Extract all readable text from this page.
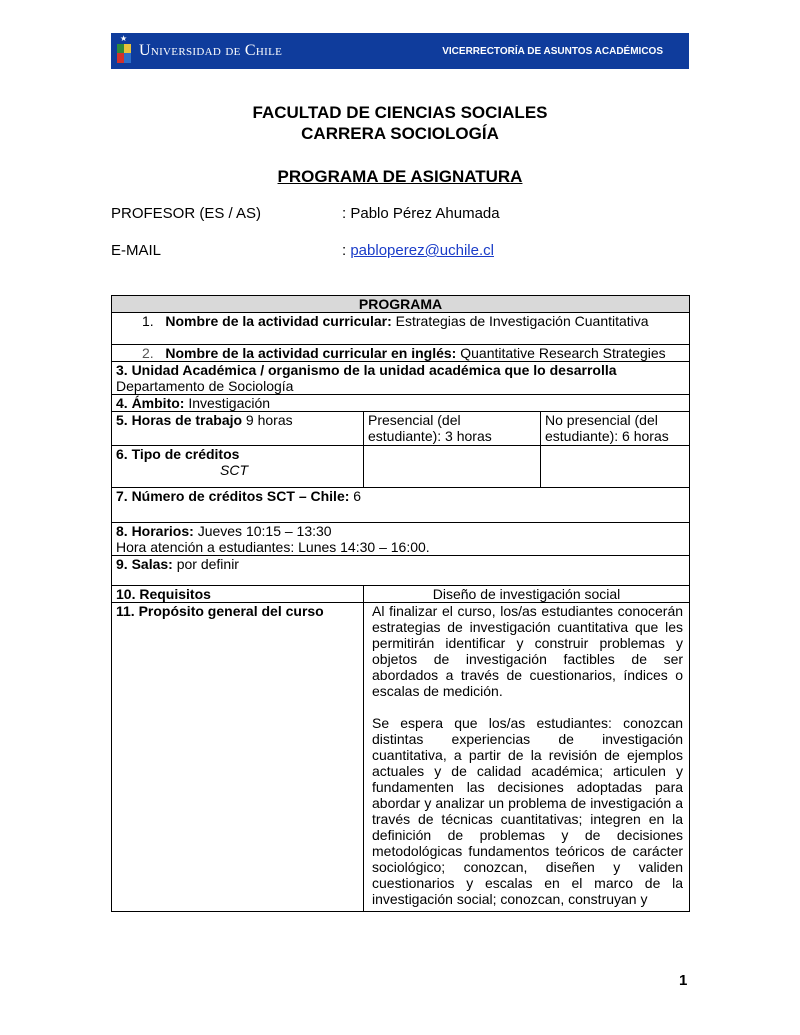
★
Universidad de Chile	VICERRECTORÍA DE ASUNTOS ACADÉMICOS
FACULTAD DE CIENCIAS SOCIALES
CARRERA SOCIOLOGÍA
PROGRAMA DE ASIGNATURA
PROFESOR (ES / AS)	: Pablo Pérez Ahumada
E-MAIL	: pabloperez@uchile.cl
PROGRAMA		
1. Nombre de la actividad curricular: Estrategias de Investigación Cuantitativa		
2. Nombre de la actividad curricular en inglés: Quantitative Research Strategies		
3. Unidad Académica / organismo de la unidad académica que lo desarrolla
Departamento de Sociología		
4. Ámbito: Investigación		
5. Horas de trabajo 9 horas	Presencial (del estudiante): 3 horas	No presencial (del estudiante): 6 horas
6. Tipo de créditos
SCT		
7. Número de créditos SCT – Chile: 6		
8. Horarios: Jueves 10:15 – 13:30
Hora atención a estudiantes: Lunes 14:30 – 16:00.		
9. Salas: por definir		
10. Requisitos	Diseño de investigación social	
11. Propósito general del curso	Al finalizar el curso, los/as estudiantes conocerán estrategias de investigación cuantitativa que les permitirán identificar y construir problemas y objetos de investigación factibles de ser abordados a través de cuestionarios, índices o escalas de medición.

Se espera que los/as estudiantes: conozcan distintas experiencias de investigación cuantitativa, a partir de la revisión de ejemplos actuales y de calidad académica; articulen y fundamenten las decisiones adoptadas para abordar y analizar un problema de investigación a través de técnicas cuantitativas; integren en la definición de problemas y de decisiones metodológicas fundamentos teóricos de carácter sociológico; conozcan, diseñen y validen cuestionarios y escalas en el marco de la investigación social; conozcan, construyan y	
1
